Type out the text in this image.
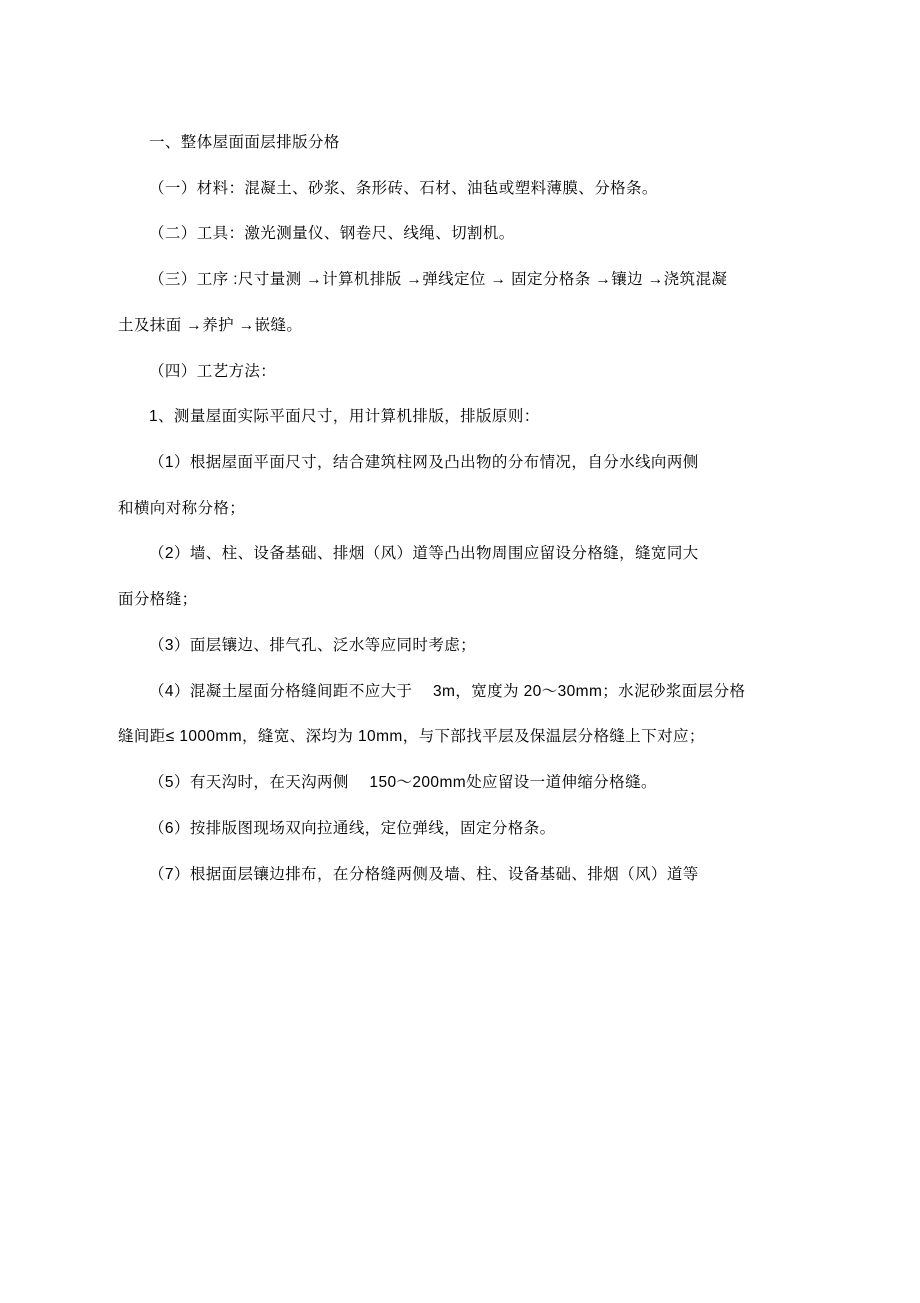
一、整体屋面面层排版分格

（一）材料：混凝土、砂浆、条形砖、石材、油毡或塑料薄膜、分格条。

（二）工具：激光测量仪、钢卷尺、线绳、切割机。

（三）工序 :尺寸量测 →计算机排版 →弹线定位 → 固定分格条 →镶边 →浇筑混凝

土及抹面 →养护 →嵌缝。

（四）工艺方法：

1、测量屋面实际平面尺寸，用计算机排版，排版原则：

（1）根据屋面平面尺寸，结合建筑柱网及凸出物的分布情况，自分水线向两侧

和横向对称分格；

（2）墙、柱、设备基础、排烟（风）道等凸出物周围应留设分格缝，缝宽同大

面分格缝；

（3）面层镶边、排气孔、泛水等应同时考虑；

（4）混凝土屋面分格缝间距不应大于　 3m，宽度为 20～30mm；水泥砂浆面层分格

缝间距≤ 1000mm，缝宽、深均为 10mm，与下部找平层及保温层分格缝上下对应；

（5）有天沟时，在天沟两侧　 150～200mm处应留设一道伸缩分格缝。

（6）按排版图现场双向拉通线，定位弹线，固定分格条。

（7）根据面层镶边排布，在分格缝两侧及墙、柱、设备基础、排烟（风）道等
